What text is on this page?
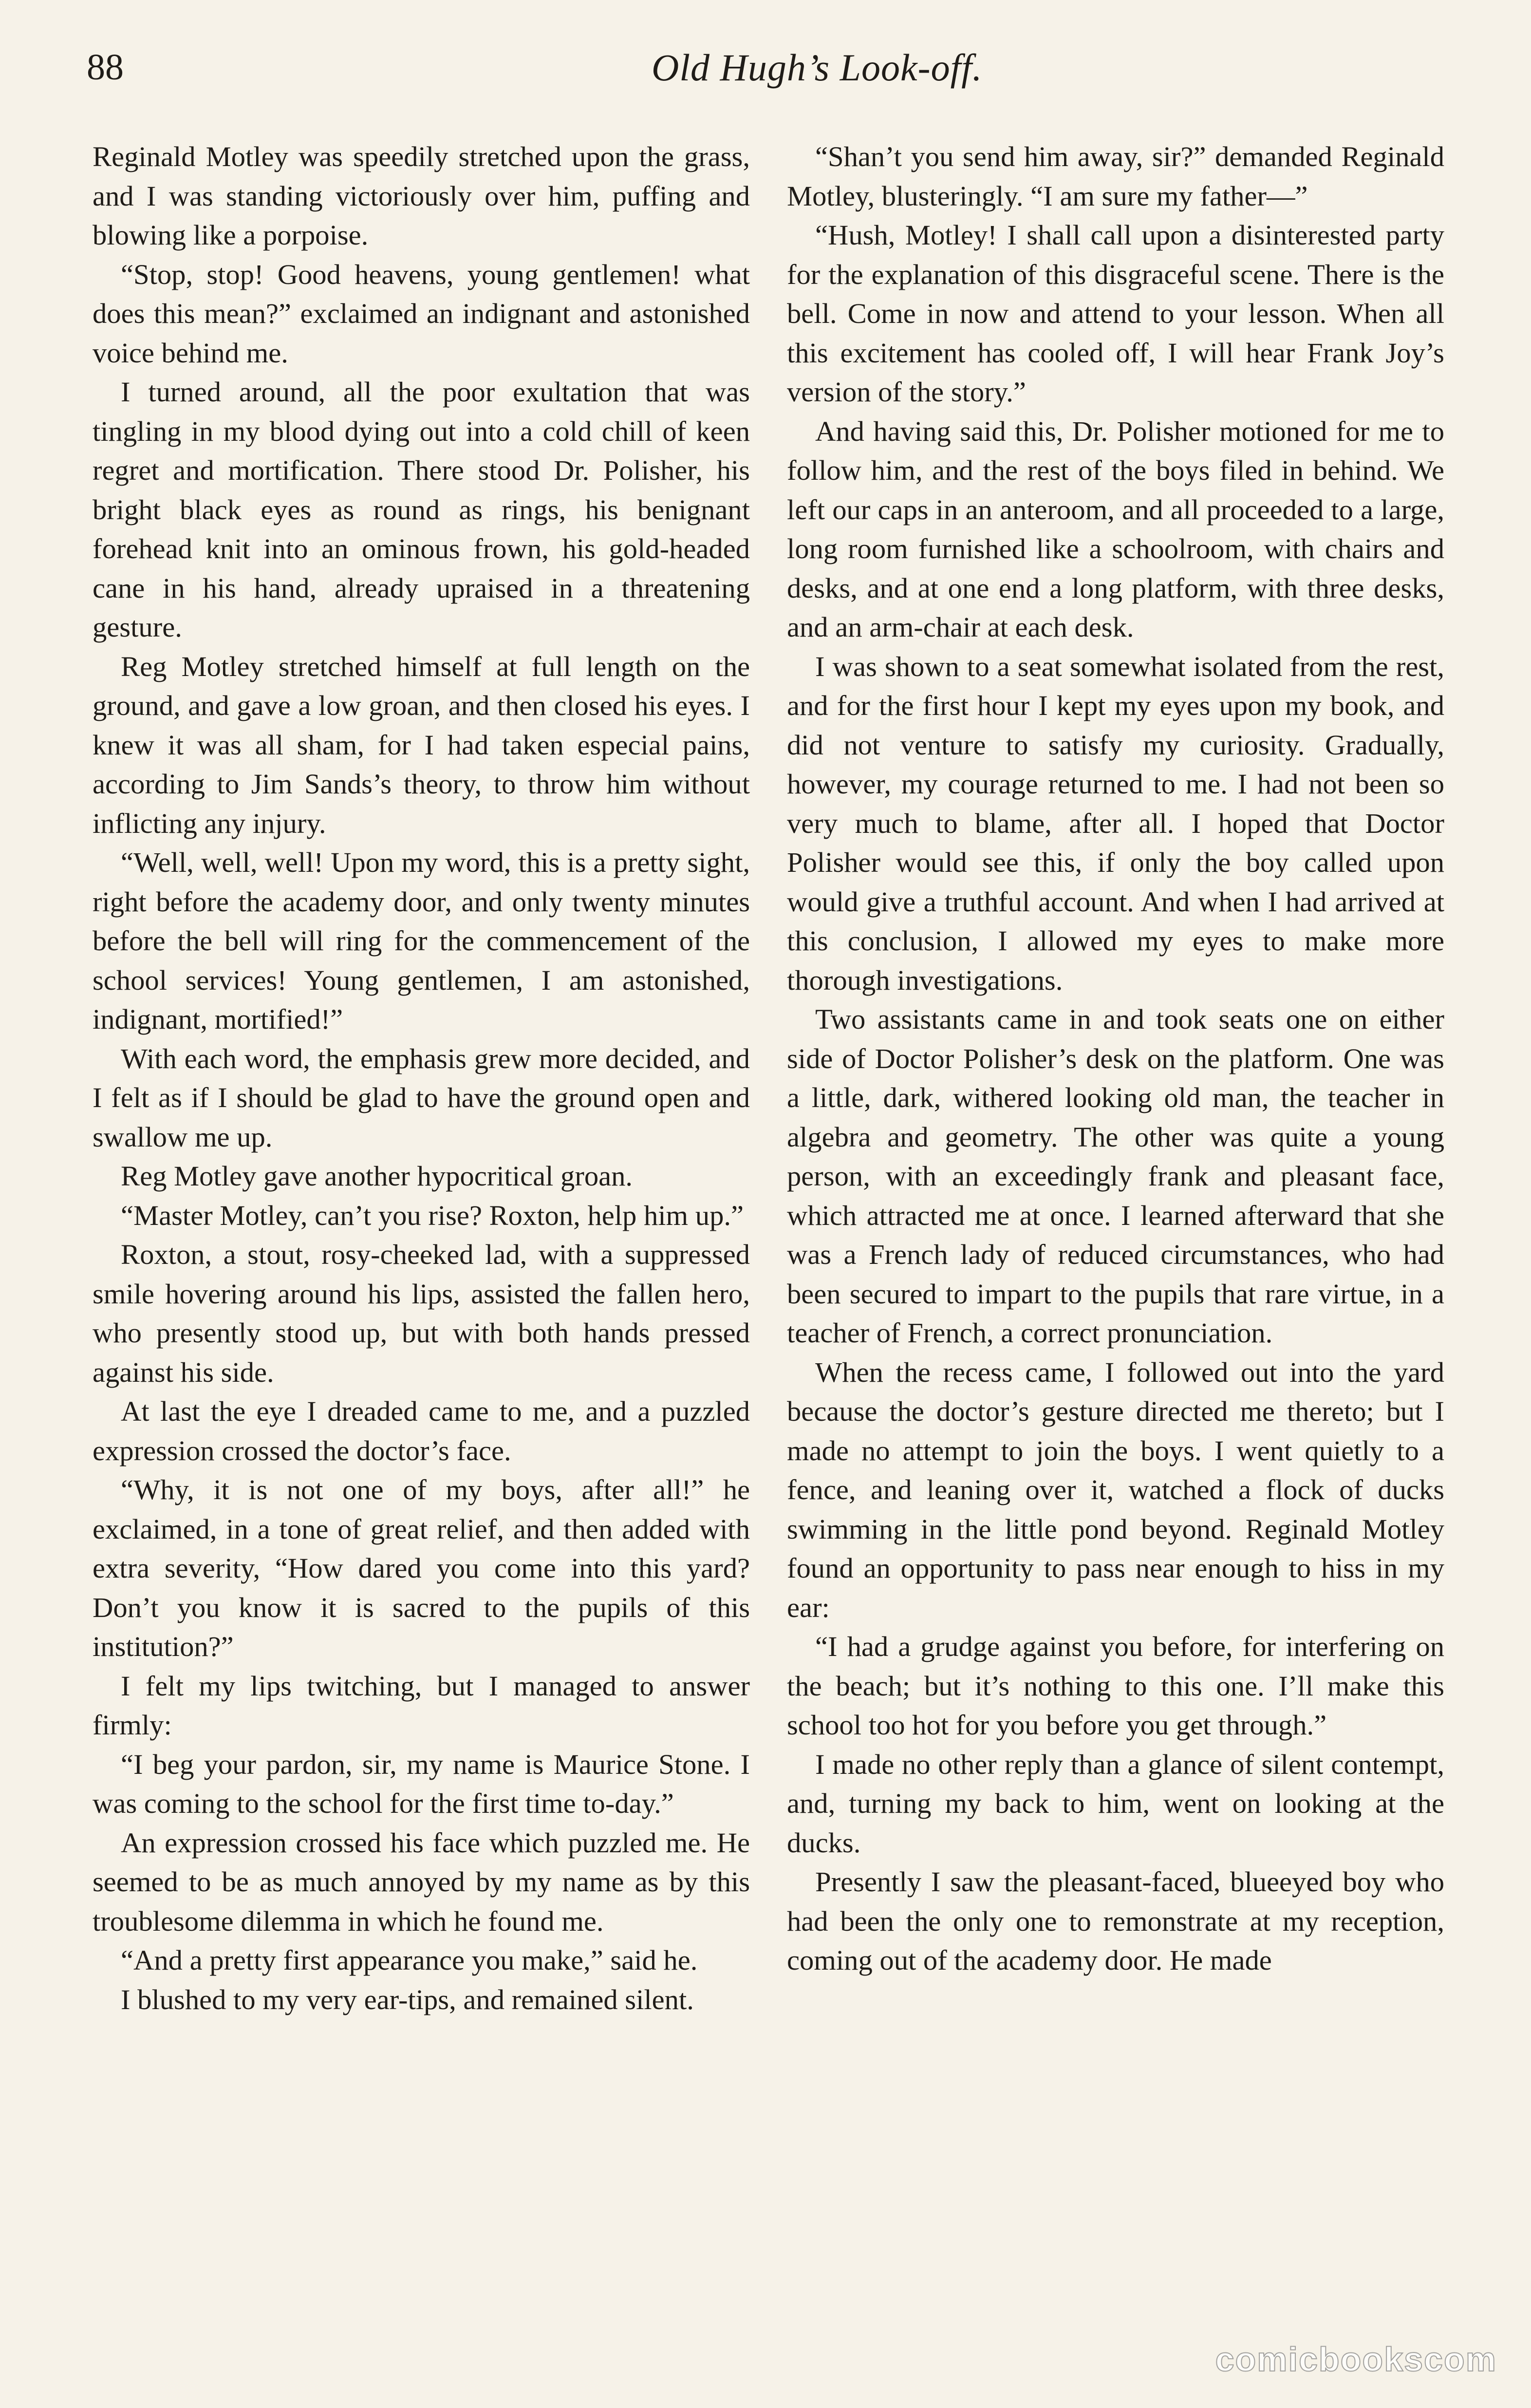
88	Old Hugh’s Look-off.

Reginald Motley was speedily stretched upon the grass, and I was standing victoriously over him, puffing and blowing like a porpoise.

“Stop, stop! Good heavens, young gentlemen! what does this mean?” exclaimed an indignant and astonished voice behind me.

I turned around, all the poor exultation that was tingling in my blood dying out into a cold chill of keen regret and mortification. There stood Dr. Polisher, his bright black eyes as round as rings, his benignant forehead knit into an ominous frown, his gold-headed cane in his hand, already upraised in a threatening gesture.

Reg Motley stretched himself at full length on the ground, and gave a low groan, and then closed his eyes. I knew it was all sham, for I had taken especial pains, according to Jim Sands’s theory, to throw him without inflicting any injury.

“Well, well, well! Upon my word, this is a pretty sight, right before the academy door, and only twenty minutes before the bell will ring for the commencement of the school services! Young gentlemen, I am astonished, indignant, mortified!”

With each word, the emphasis grew more decided, and I felt as if I should be glad to have the ground open and swallow me up.

Reg Motley gave another hypocritical groan.

“Master Motley, can’t you rise? Roxton, help him up.”

Roxton, a stout, rosy-cheeked lad, with a suppressed smile hovering around his lips, assisted the fallen hero, who presently stood up, but with both hands pressed against his side.

At last the eye I dreaded came to me, and a puzzled expression crossed the doctor’s face.

“Why, it is not one of my boys, after all!” he exclaimed, in a tone of great relief, and then added with extra severity, “How dared you come into this yard? Don’t you know it is sacred to the pupils of this institution?”

I felt my lips twitching, but I managed to answer firmly:

“I beg your pardon, sir, my name is Maurice Stone. I was coming to the school for the first time to-day.”

An expression crossed his face which puzzled me. He seemed to be as much annoyed by my name as by this troublesome dilemma in which he found me.

“And a pretty first appearance you make,” said he.

I blushed to my very ear-tips, and remained silent.

“Shan’t you send him away, sir?” demanded Reginald Motley, blusteringly. “I am sure my father—”

“Hush, Motley! I shall call upon a disinterested party for the explanation of this disgraceful scene. There is the bell. Come in now and attend to your lesson. When all this excitement has cooled off, I will hear Frank Joy’s version of the story.”

And having said this, Dr. Polisher motioned for me to follow him, and the rest of the boys filed in behind. We left our caps in an anteroom, and all proceeded to a large, long room furnished like a schoolroom, with chairs and desks, and at one end a long platform, with three desks, and an arm-chair at each desk.

I was shown to a seat somewhat isolated from the rest, and for the first hour I kept my eyes upon my book, and did not venture to satisfy my curiosity. Gradually, however, my courage returned to me. I had not been so very much to blame, after all. I hoped that Doctor Polisher would see this, if only the boy called upon would give a truthful account. And when I had arrived at this conclusion, I allowed my eyes to make more thorough investigations.

Two assistants came in and took seats one on either side of Doctor Polisher’s desk on the platform. One was a little, dark, withered looking old man, the teacher in algebra and geometry. The other was quite a young person, with an exceedingly frank and pleasant face, which attracted me at once. I learned afterward that she was a French lady of reduced circumstances, who had been secured to impart to the pupils that rare virtue, in a teacher of French, a correct pronunciation.

When the recess came, I followed out into the yard because the doctor’s gesture directed me thereto; but I made no attempt to join the boys. I went quietly to a fence, and leaning over it, watched a flock of ducks swimming in the little pond beyond. Reginald Motley found an opportunity to pass near enough to hiss in my ear:

“I had a grudge against you before, for interfering on the beach; but it’s nothing to this one. I’ll make this school too hot for you before you get through.”

I made no other reply than a glance of silent contempt, and, turning my back to him, went on looking at the ducks.

Presently I saw the pleasant-faced, blueeyed boy who had been the only one to remonstrate at my reception, coming out of the academy door. He made

comicbookscom
